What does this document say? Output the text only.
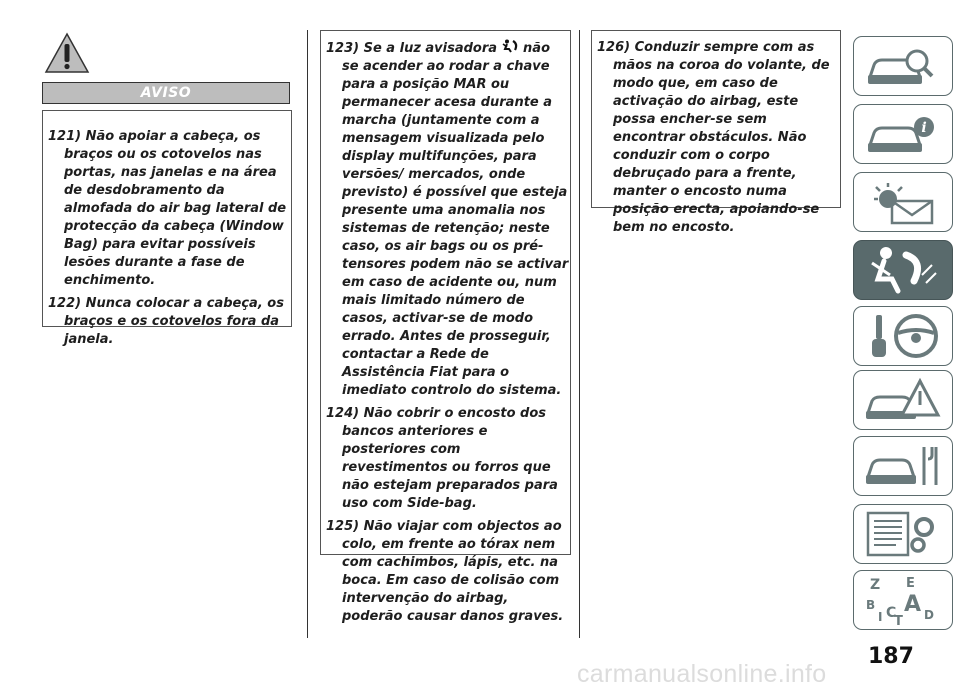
AVISO

121) Não apoiar a cabeça, os braços ou os cotovelos nas portas, nas janelas e na área de desdobramento da almofada do air bag lateral de protecção da cabeça (Window Bag) para evitar possíveis lesões durante a fase de enchimento.

122) Nunca colocar a cabeça, os braços e os cotovelos fora da janela.

123) Se a luz avisadora não se acender ao rodar a chave para a posição MAR ou permanecer acesa durante a marcha (juntamente com a mensagem visualizada pelo display multifunções, para versões/ mercados, onde previsto) é possível que esteja presente uma anomalia nos sistemas de retenção; neste caso, os air bags ou os pré-tensores podem não se activar em caso de acidente ou, num mais limitado número de casos, activar-se de modo errado. Antes de prosseguir, contactar a Rede de Assistência Fiat para o imediato controlo do sistema.

124) Não cobrir o encosto dos bancos anteriores e posteriores com revestimentos ou forros que não estejam preparados para uso com Side-bag.

125) Não viajar com objectos ao colo, em frente ao tórax nem com cachimbos, lápis, etc. na boca. Em caso de colisão com intervenção do airbag, poderão causar danos graves.

126) Conduzir sempre com as mãos na coroa do volante, de modo que, em caso de activação do airbag, este possa encher-se sem encontrar obstáculos. Não conduzir com o corpo debruçado para a frente, manter o encosto numa posição erecta, apoiando-se bem no encosto.

i
Z E
A
B C D
T
I
187
carmanualsonline.info
